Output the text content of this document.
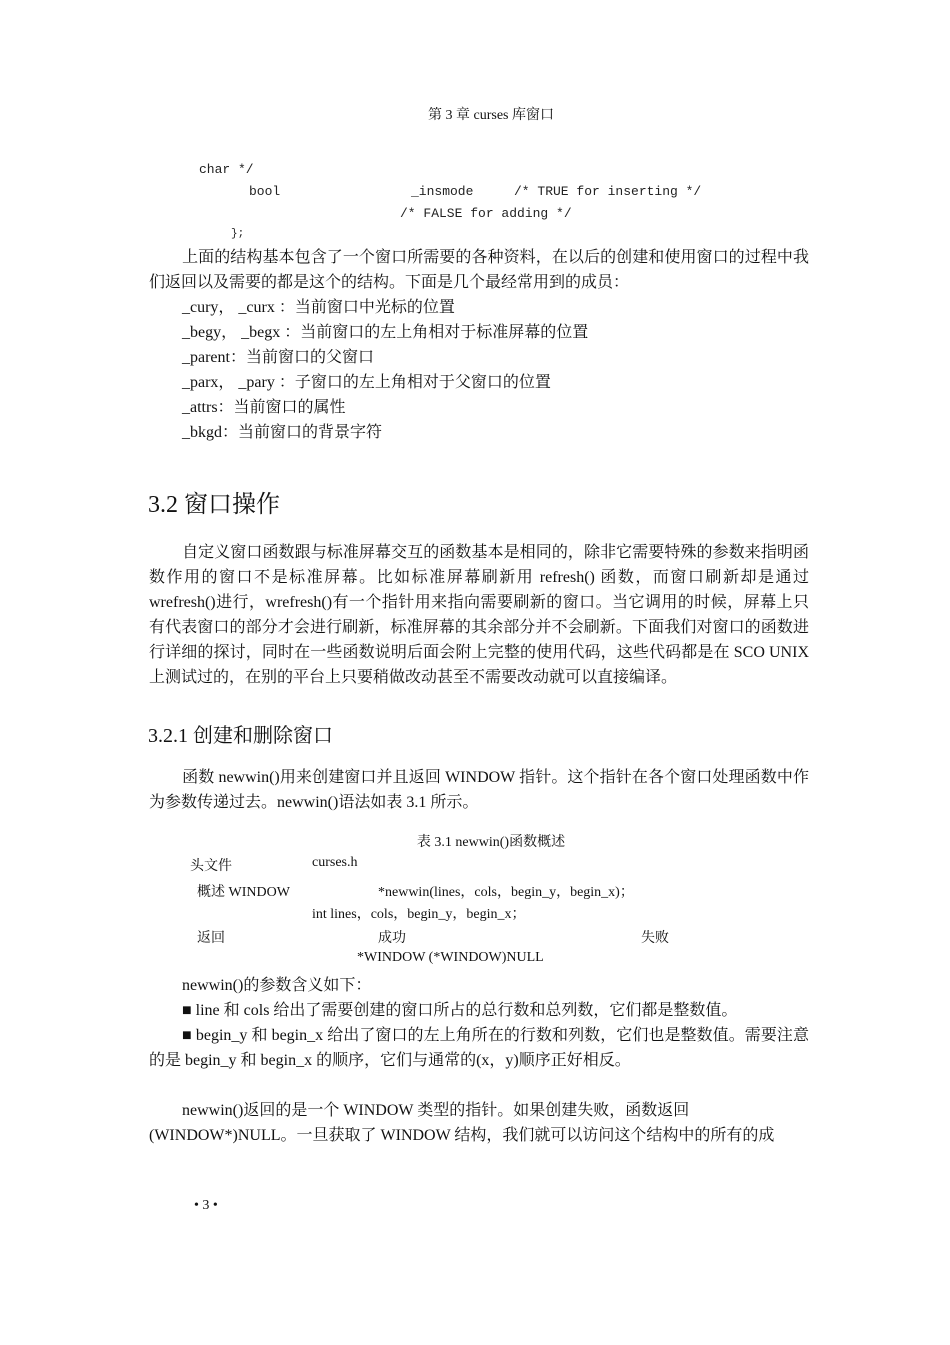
第 3 章 curses 库窗口
char */
bool	_insmode	/* TRUE for inserting */
/* FALSE for adding */
};
上面的结构基本包含了一个窗口所需要的各种资料，在以后的创建和使用窗口的过程中我们返回以及需要的都是这个的结构。下面是几个最经常用到的成员：
_cury， _curx ：当前窗口中光标的位置
_begy， _begx ：当前窗口的左上角相对于标准屏幕的位置
_parent：当前窗口的父窗口
_parx， _pary ：子窗口的左上角相对于父窗口的位置
_attrs：当前窗口的属性
_bkgd：当前窗口的背景字符
3.2 窗口操作
自定义窗口函数跟与标准屏幕交互的函数基本是相同的，除非它需要特殊的参数来指明函数作用的窗口不是标准屏幕。比如标准屏幕刷新用 refresh() 函数，而窗口刷新却是通过 wrefresh()进行，wrefresh()有一个指针用来指向需要刷新的窗口。当它调用的时候，屏幕上只有代表窗口的部分才会进行刷新，标准屏幕的其余部分并不会刷新。下面我们对窗口的函数进行详细的探讨，同时在一些函数说明后面会附上完整的使用代码，这些代码都是在 SCO UNIX 上测试过的，在别的平台上只要稍做改动甚至不需要改动就可以直接编译。
3.2.1 创建和删除窗口
函数 newwin()用来创建窗口并且返回 WINDOW 指针。这个指针在各个窗口处理函数中作为参数传递过去。newwin()语法如表 3.1 所示。
表 3.1 newwin()函数概述
头文件	curses.h
概述 WINDOW	*newwin(lines，cols，begin_y，begin_x)；
int lines，cols，begin_y，begin_x；
返回	成功	失败
*WINDOW (*WINDOW)NULL
newwin()的参数含义如下：
■ line 和 cols 给出了需要创建的窗口所占的总行数和总列数，它们都是整数值。
■ begin_y 和 begin_x 给出了窗口的左上角所在的行数和列数，它们也是整数值。需要注意的是 begin_y 和 begin_x 的顺序，它们与通常的(x，y)顺序正好相反。
newwin()返回的是一个 WINDOW 类型的指针。如果创建失败，函数返回(WINDOW*)NULL。一旦获取了 WINDOW 结构，我们就可以访问这个结构中的所有的成
• 3 •
